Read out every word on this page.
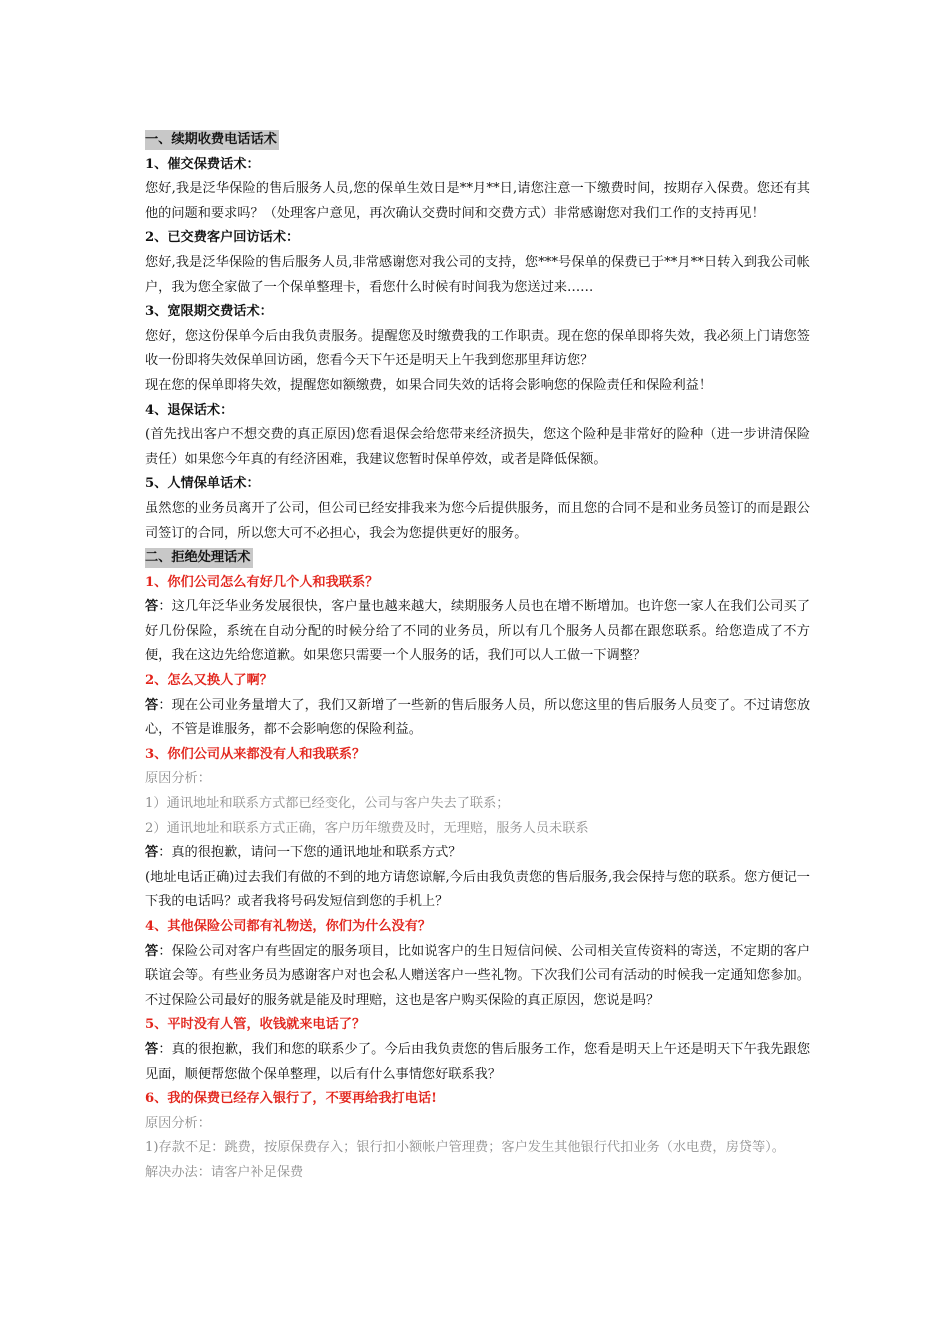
一、续期收费电话话术
1、催交保费话术：
您好,我是泛华保险的售后服务人员,您的保单生效日是**月**日,请您注意一下缴费时间，按期存入保费。您还有其他的问题和要求吗？（处理客户意见，再次确认交费时间和交费方式）非常感谢您对我们工作的支持再见！
2、已交费客户回访话术：
您好,我是泛华保险的售后服务人员,非常感谢您对我公司的支持，您***号保单的保费已于**月**日转入到我公司帐户，我为您全家做了一个保单整理卡，看您什么时候有时间我为您送过来……
3、宽限期交费话术：
您好，您这份保单今后由我负责服务。提醒您及时缴费我的工作职责。现在您的保单即将失效，我必须上门请您签收一份即将失效保单回访函，您看今天下午还是明天上午我到您那里拜访您？
现在您的保单即将失效，提醒您如额缴费，如果合同失效的话将会影响您的保险责任和保险利益！
4、退保话术：
(首先找出客户不想交费的真正原因)您看退保会给您带来经济损失，您这个险种是非常好的险种（进一步讲清保险责任）如果您今年真的有经济困难，我建议您暂时保单停效，或者是降低保额。
5、人情保单话术：
虽然您的业务员离开了公司，但公司已经安排我来为您今后提供服务，而且您的合同不是和业务员签订的而是跟公司签订的合同，所以您大可不必担心，我会为您提供更好的服务。
二、拒绝处理话术
1、你们公司怎么有好几个人和我联系？
答：这几年泛华业务发展很快，客户量也越来越大，续期服务人员也在增不断增加。也许您一家人在我们公司买了好几份保险，系统在自动分配的时候分给了不同的业务员，所以有几个服务人员都在跟您联系。给您造成了不方便，我在这边先给您道歉。如果您只需要一个人服务的话，我们可以人工做一下调整？
2、怎么又换人了啊？
答：现在公司业务量增大了，我们又新增了一些新的售后服务人员，所以您这里的售后服务人员变了。不过请您放心，不管是谁服务，都不会影响您的保险利益。
3、你们公司从来都没有人和我联系？
原因分析：
1）通讯地址和联系方式都已经变化，公司与客户失去了联系；
2）通讯地址和联系方式正确，客户历年缴费及时，无理赔，服务人员未联系
答：真的很抱歉，请问一下您的通讯地址和联系方式？
(地址电话正确)过去我们有做的不到的地方请您谅解,今后由我负责您的售后服务,我会保持与您的联系。您方便记一下我的电话吗？或者我将号码发短信到您的手机上？
4、其他保险公司都有礼物送，你们为什么没有？
答：保险公司对客户有些固定的服务项目，比如说客户的生日短信问候、公司相关宣传资料的寄送，不定期的客户联谊会等。有些业务员为感谢客户对也会私人赠送客户一些礼物。下次我们公司有活动的时候我一定通知您参加。不过保险公司最好的服务就是能及时理赔，这也是客户购买保险的真正原因，您说是吗？
5、平时没有人管，收钱就来电话了？
答：真的很抱歉，我们和您的联系少了。今后由我负责您的售后服务工作，您看是明天上午还是明天下午我先跟您见面，顺便帮您做个保单整理，以后有什么事情您好联系我？
6、我的保费已经存入银行了，不要再给我打电话!
原因分析：
1)存款不足：跳费，按原保费存入；银行扣小额帐户管理费；客户发生其他银行代扣业务（水电费，房贷等）。
解决办法：请客户补足保费
